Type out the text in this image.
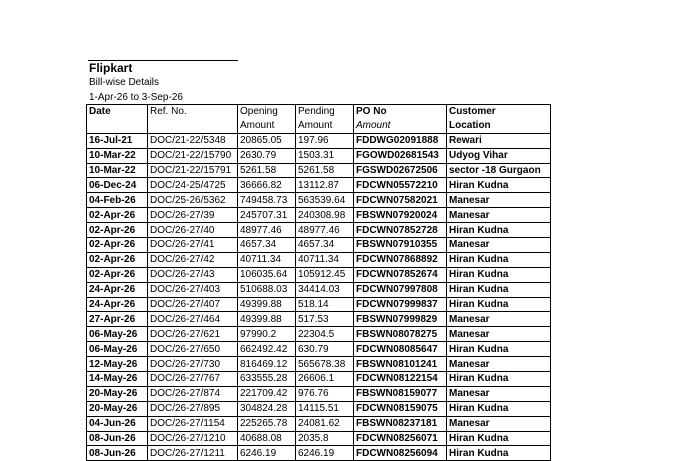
Flipkart
Bill-wise Details
1-Apr-26 to 3-Sep-26
Date	Ref. No.	Opening	Pending	PO No	Customer
		Amount	Amount	Amount	Location
16-Jul-21	DOC/21-22/5348	20865.05	197.96	FDDWG02091888	Rewari
10-Mar-22	DOC/21-22/15790	2630.79	1503.31	FGOWD02681543	Udyog Vihar
10-Mar-22	DOC/21-22/15791	5261.58	5261.58	FGSWD02672506	sector -18 Gurgaon
06-Dec-24	DOC/24-25/4725	36666.82	13112.87	FDCWN05572210	Hiran Kudna
04-Feb-26	DOC/25-26/5362	749458.73	563539.64	FDCWN07582021	Manesar
02-Apr-26	DOC/26-27/39	245707.31	240308.98	FBSWN07920024	Manesar
02-Apr-26	DOC/26-27/40	48977.46	48977.46	FDCWN07852728	Hiran Kudna
02-Apr-26	DOC/26-27/41	4657.34	4657.34	FBSWN07910355	Manesar
02-Apr-26	DOC/26-27/42	40711.34	40711.34	FDCWN07868892	Hiran Kudna
02-Apr-26	DOC/26-27/43	106035.64	105912.45	FDCWN07852674	Hiran Kudna
24-Apr-26	DOC/26-27/403	510688.03	34414.03	FDCWN07997808	Hiran Kudna
24-Apr-26	DOC/26-27/407	49399.88	518.14	FDCWN07999837	Hiran Kudna
27-Apr-26	DOC/26-27/464	49399.88	517.53	FBSWN07999829	Manesar
06-May-26	DOC/26-27/621	97990.2	22304.5	FBSWN08078275	Manesar
06-May-26	DOC/26-27/650	662492.42	630.79	FDCWN08085647	Hiran Kudna
12-May-26	DOC/26-27/730	816469.12	565678.38	FBSWN08101241	Manesar
14-May-26	DOC/26-27/767	633555.28	26606.1	FDCWN08122154	Hiran Kudna
20-May-26	DOC/26-27/874	221709.42	976.76	FBSWN08159077	Manesar
20-May-26	DOC/26-27/895	304824.28	14115.51	FDCWN08159075	Hiran Kudna
04-Jun-26	DOC/26-27/1154	225265.78	24081.62	FBSWN08237181	Manesar
08-Jun-26	DOC/26-27/1210	40688.08	2035.8	FDCWN08256071	Hiran Kudna
08-Jun-26	DOC/26-27/1211	6246.19	6246.19	FDCWN08256094	Hiran Kudna
